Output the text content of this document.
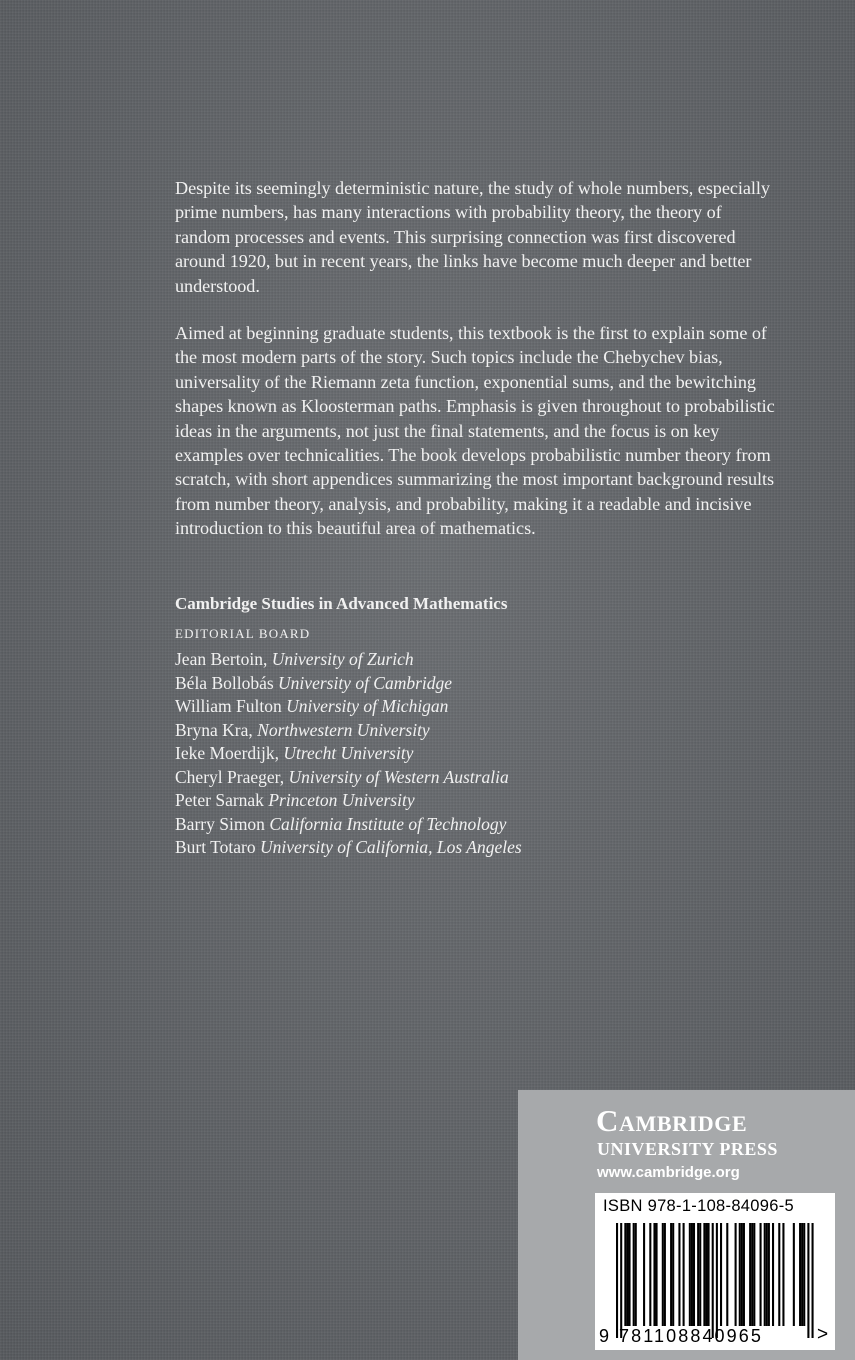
Despite its seemingly deterministic nature, the study of whole numbers, especially prime numbers, has many interactions with probability theory, the theory of random processes and events. This surprising connection was first discovered around 1920, but in recent years, the links have become much deeper and better understood.

Aimed at beginning graduate students, this textbook is the first to explain some of the most modern parts of the story. Such topics include the Chebychev bias, universality of the Riemann zeta function, exponential sums, and the bewitching shapes known as Kloosterman paths. Emphasis is given throughout to probabilistic ideas in the arguments, not just the final statements, and the focus is on key examples over technicalities. The book develops probabilistic number theory from scratch, with short appendices summarizing the most important background results from number theory, analysis, and probability, making it a readable and incisive introduction to this beautiful area of mathematics.

Cambridge Studies in Advanced Mathematics

EDITORIAL BOARD

Jean Bertoin, University of Zurich
Béla Bollobás University of Cambridge
William Fulton University of Michigan
Bryna Kra, Northwestern University
Ieke Moerdijk, Utrecht University
Cheryl Praeger, University of Western Australia
Peter Sarnak Princeton University
Barry Simon California Institute of Technology
Burt Totaro University of California, Los Angeles

Cambridge

UNIVERSITY PRESS

www.cambridge.org

ISBN 978-1-108-84096-5

9 781108840965	>
